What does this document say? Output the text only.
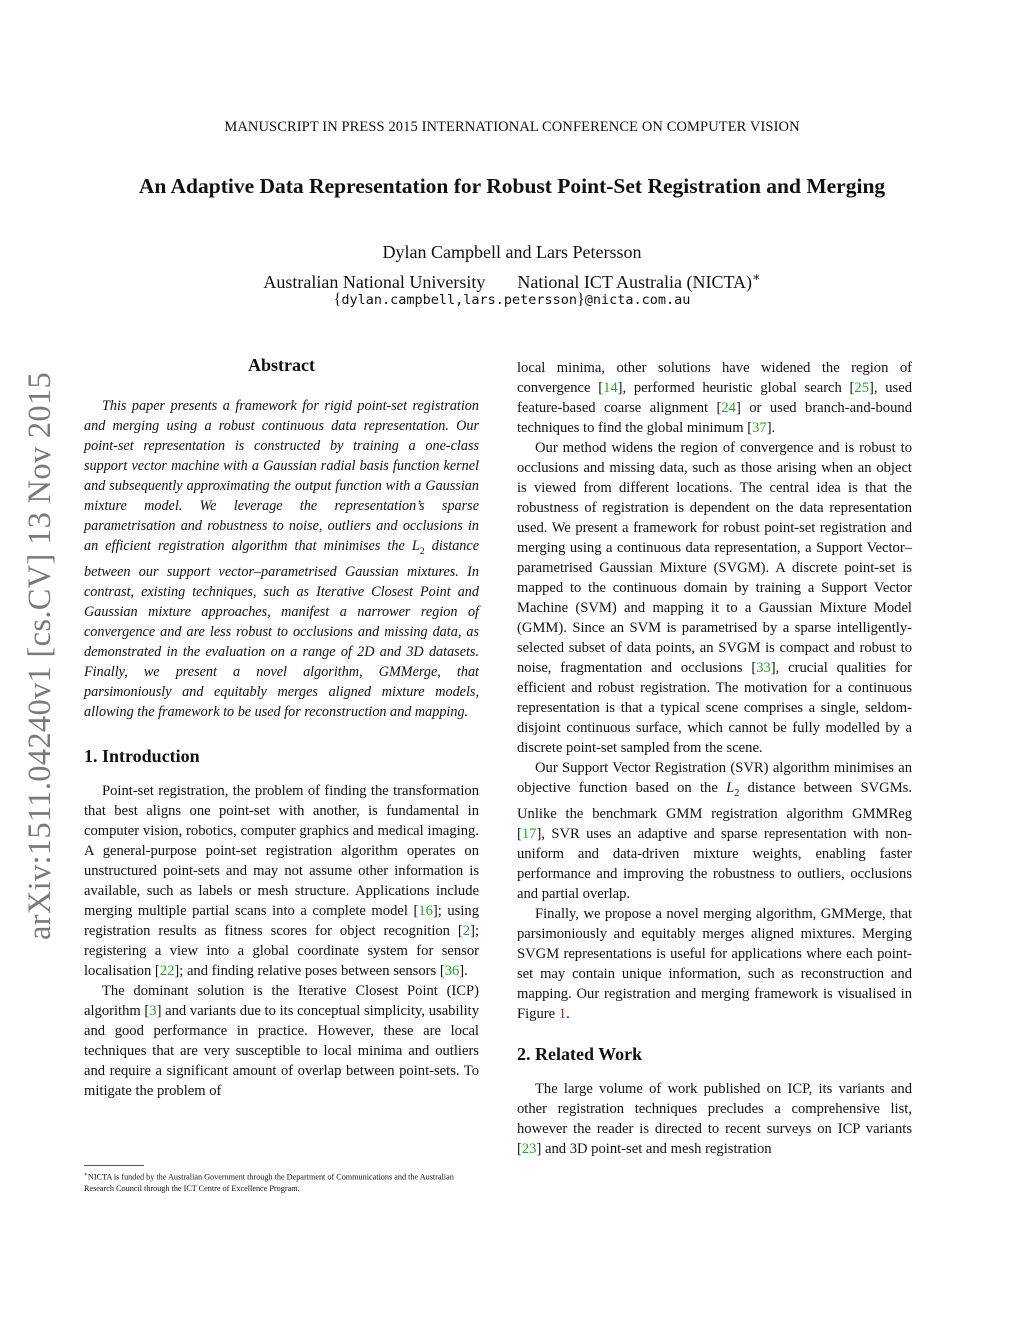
MANUSCRIPT IN PRESS 2015 INTERNATIONAL CONFERENCE ON COMPUTER VISION
An Adaptive Data Representation for Robust Point-Set Registration and Merging
Dylan Campbell and Lars Petersson
Australian National University National ICT Australia (NICTA)∗
{dylan.campbell,lars.petersson}@nicta.com.au
arXiv:1511.04240v1 [cs.CV] 13 Nov 2015
Abstract

This paper presents a framework for rigid point-set registration and merging using a robust continuous data representation. Our point-set representation is constructed by training a one-class support vector machine with a Gaussian radial basis function kernel and subsequently approximating the output function with a Gaussian mixture model. We leverage the representation’s sparse parametrisation and robustness to noise, outliers and occlusions in an efficient registration algorithm that minimises the $L_2$ distance between our support vector–parametrised Gaussian mixtures. In contrast, existing techniques, such as Iterative Closest Point and Gaussian mixture approaches, manifest a narrower region of convergence and are less robust to occlusions and missing data, as demonstrated in the evaluation on a range of 2D and 3D datasets. Finally, we present a novel algorithm, GMMerge, that parsimoniously and equitably merges aligned mixture models, allowing the framework to be used for reconstruction and mapping.

1. Introduction

Point-set registration, the problem of finding the transformation that best aligns one point-set with another, is fundamental in computer vision, robotics, computer graphics and medical imaging. A general-purpose point-set registration algorithm operates on unstructured point-sets and may not assume other information is available, such as labels or mesh structure. Applications include merging multiple partial scans into a complete model [16]; using registration results as fitness scores for object recognition [2]; registering a view into a global coordinate system for sensor localisation [22]; and finding relative poses between sensors [36].

The dominant solution is the Iterative Closest Point (ICP) algorithm [3] and variants due to its conceptual simplicity, usability and good performance in practice. However, these are local techniques that are very susceptible to local minima and outliers and require a significant amount of overlap between point-sets. To mitigate the problem of

local minima, other solutions have widened the region of convergence [14], performed heuristic global search [25], used feature-based coarse alignment [24] or used branch-and-bound techniques to find the global minimum [37].

Our method widens the region of convergence and is robust to occlusions and missing data, such as those arising when an object is viewed from different locations. The central idea is that the robustness of registration is dependent on the data representation used. We present a framework for robust point-set registration and merging using a continuous data representation, a Support Vector–parametrised Gaussian Mixture (SVGM). A discrete point-set is mapped to the continuous domain by training a Support Vector Machine (SVM) and mapping it to a Gaussian Mixture Model (GMM). Since an SVM is parametrised by a sparse intelligently-selected subset of data points, an SVGM is compact and robust to noise, fragmentation and occlusions [33], crucial qualities for efficient and robust registration. The motivation for a continuous representation is that a typical scene comprises a single, seldom-disjoint continuous surface, which cannot be fully modelled by a discrete point-set sampled from the scene.

Our Support Vector Registration (SVR) algorithm minimises an objective function based on the $L_2$ distance between SVGMs. Unlike the benchmark GMM registration algorithm GMMReg [17], SVR uses an adaptive and sparse representation with non-uniform and data-driven mixture weights, enabling faster performance and improving the robustness to outliers, occlusions and partial overlap.

Finally, we propose a novel merging algorithm, GMMerge, that parsimoniously and equitably merges aligned mixtures. Merging SVGM representations is useful for applications where each point-set may contain unique information, such as reconstruction and mapping. Our registration and merging framework is visualised in Figure 1.

2. Related Work

The large volume of work published on ICP, its variants and other registration techniques precludes a comprehensive list, however the reader is directed to recent surveys on ICP variants [23] and 3D point-set and mesh registration

∗NICTA is funded by the Australian Government through the Department of Communications and the Australian Research Council through the ICT Centre of Excellence Program.
